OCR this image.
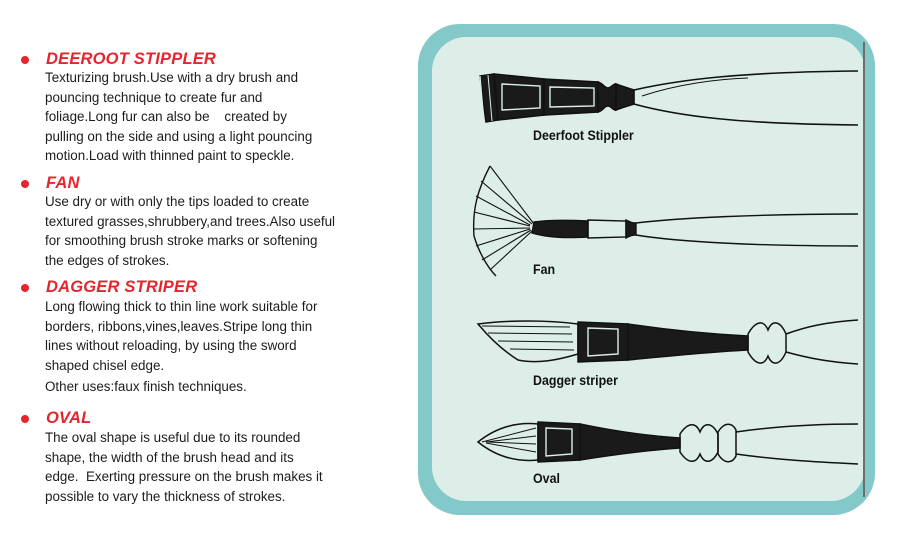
DEEROOT STIPPLER
Texturizing brush.Use with a dry brush and
pouncing technique to create fur and
foliage.Long fur can also be    created by
pulling on the side and using a light pouncing
motion.Load with thinned paint to speckle.
FAN
Use dry or with only the tips loaded to create
textured grasses,shrubbery,and trees.Also useful
for smoothing brush stroke marks or softening
the edges of strokes.
DAGGER STRIPER
Long flowing thick to thin line work suitable for
borders, ribbons,vines,leaves.Stripe long thin
lines without reloading, by using the sword
shaped chisel edge.
Other uses:faux finish techniques.
OVAL
The oval shape is useful due to its rounded
shape, the width of the brush head and its
edge.  Exerting pressure on the brush makes it
possible to vary the thickness of strokes.
Deerfoot Stippler
Fan
Dagger striper
Oval
